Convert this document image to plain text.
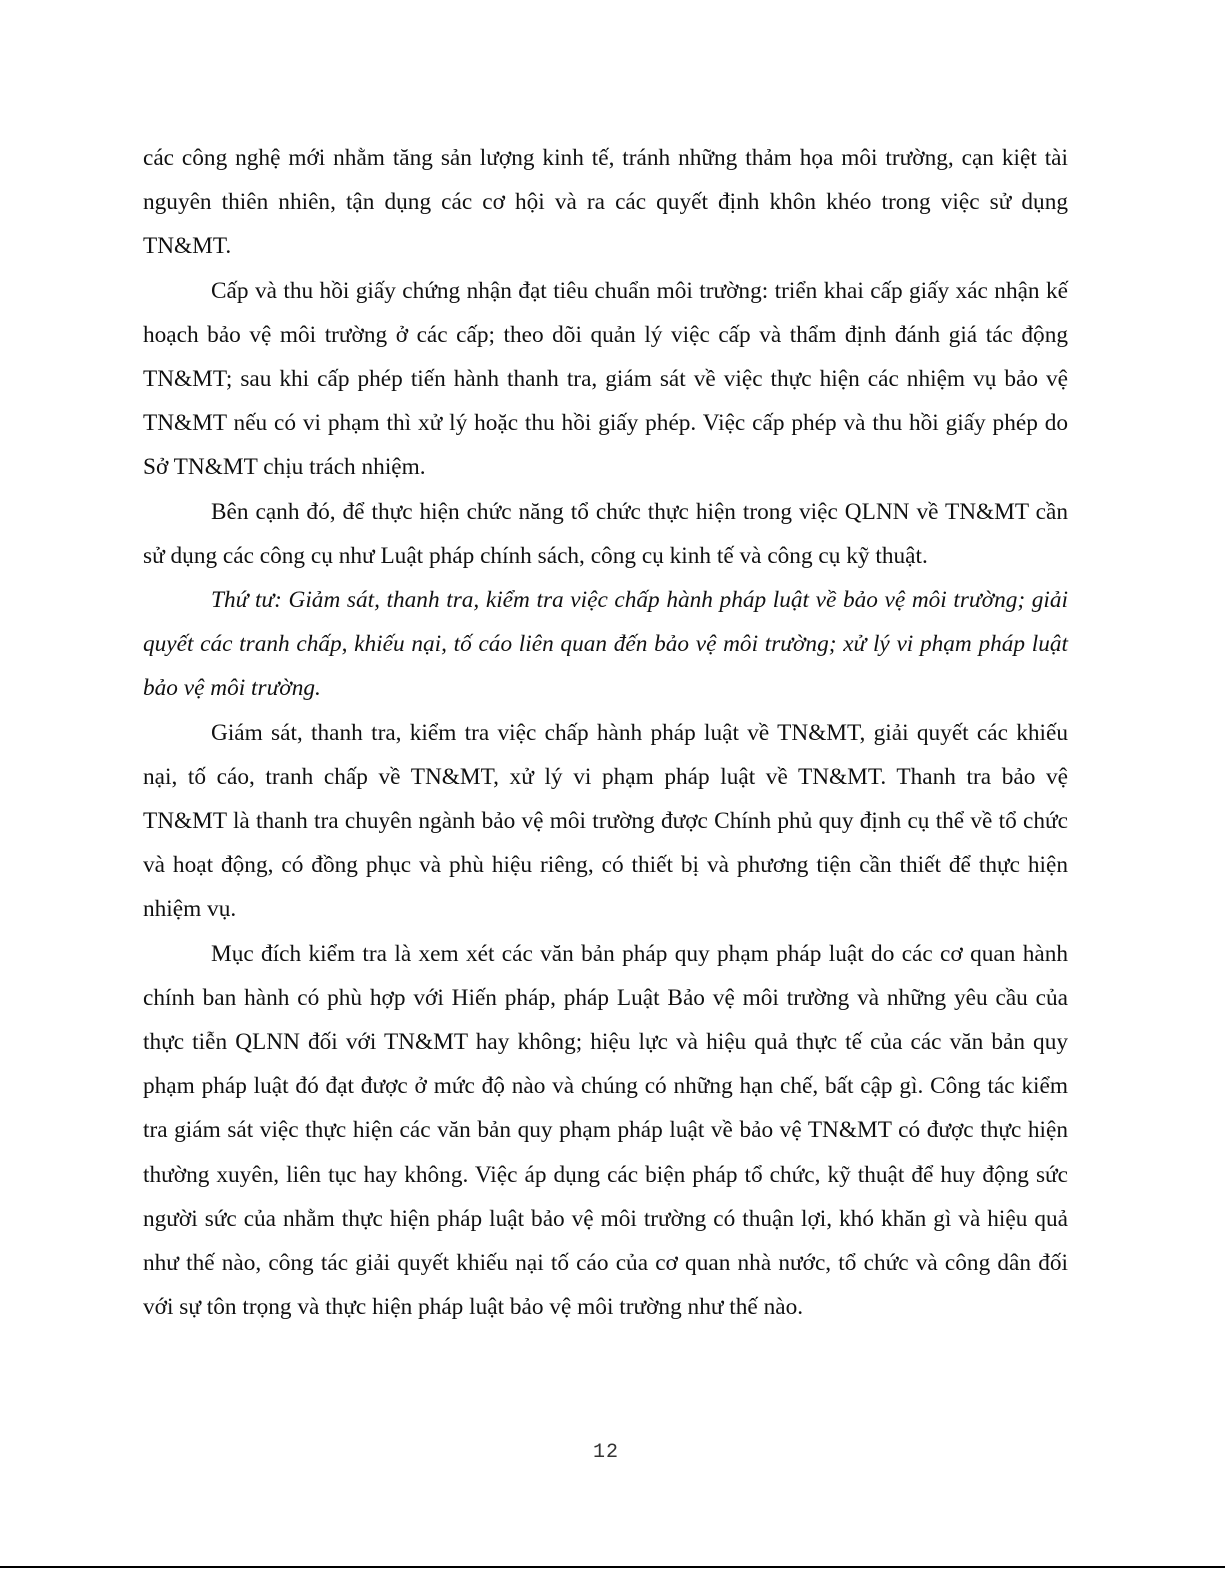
các công nghệ mới nhằm tăng sản lượng kinh tế, tránh những thảm họa môi trường, cạn kiệt tài nguyên thiên nhiên, tận dụng các cơ hội và ra các quyết định khôn khéo trong việc sử dụng TN&MT.

Cấp và thu hồi giấy chứng nhận đạt tiêu chuẩn môi trường: triển khai cấp giấy xác nhận kế hoạch bảo vệ môi trường ở các cấp; theo dõi quản lý việc cấp và thẩm định đánh giá tác động TN&MT; sau khi cấp phép tiến hành thanh tra, giám sát về việc thực hiện các nhiệm vụ bảo vệ TN&MT nếu có vi phạm thì xử lý hoặc thu hồi giấy phép. Việc cấp phép và thu hồi giấy phép do Sở TN&MT chịu trách nhiệm.

Bên cạnh đó, để thực hiện chức năng tổ chức thực hiện trong việc QLNN về TN&MT cần sử dụng các công cụ như Luật pháp chính sách, công cụ kinh tế và công cụ kỹ thuật.

Thứ tư: Giảm sát, thanh tra, kiểm tra việc chấp hành pháp luật về bảo vệ môi trường; giải quyết các tranh chấp, khiếu nại, tố cáo liên quan đến bảo vệ môi trường; xử lý vi phạm pháp luật bảo vệ môi trường.

Giám sát, thanh tra, kiểm tra việc chấp hành pháp luật về TN&MT, giải quyết các khiếu nại, tố cáo, tranh chấp về TN&MT, xử lý vi phạm pháp luật về TN&MT. Thanh tra bảo vệ TN&MT là thanh tra chuyên ngành bảo vệ môi trường được Chính phủ quy định cụ thể về tổ chức và hoạt động, có đồng phục và phù hiệu riêng, có thiết bị và phương tiện cần thiết để thực hiện nhiệm vụ.

Mục đích kiểm tra là xem xét các văn bản pháp quy phạm pháp luật do các cơ quan hành chính ban hành có phù hợp với Hiến pháp, pháp Luật Bảo vệ môi trường và những yêu cầu của thực tiễn QLNN đối với TN&MT hay không; hiệu lực và hiệu quả thực tế của các văn bản quy phạm pháp luật đó đạt được ở mức độ nào và chúng có những hạn chế, bất cập gì. Công tác kiểm tra giám sát việc thực hiện các văn bản quy phạm pháp luật về bảo vệ TN&MT có được thực hiện thường xuyên, liên tục hay không. Việc áp dụng các biện pháp tổ chức, kỹ thuật để huy động sức người sức của nhằm thực hiện pháp luật bảo vệ môi trường có thuận lợi, khó khăn gì và hiệu quả như thế nào, công tác giải quyết khiếu nại tố cáo của cơ quan nhà nước, tổ chức và công dân đối với sự tôn trọng và thực hiện pháp luật bảo vệ môi trường như thế nào.

12
